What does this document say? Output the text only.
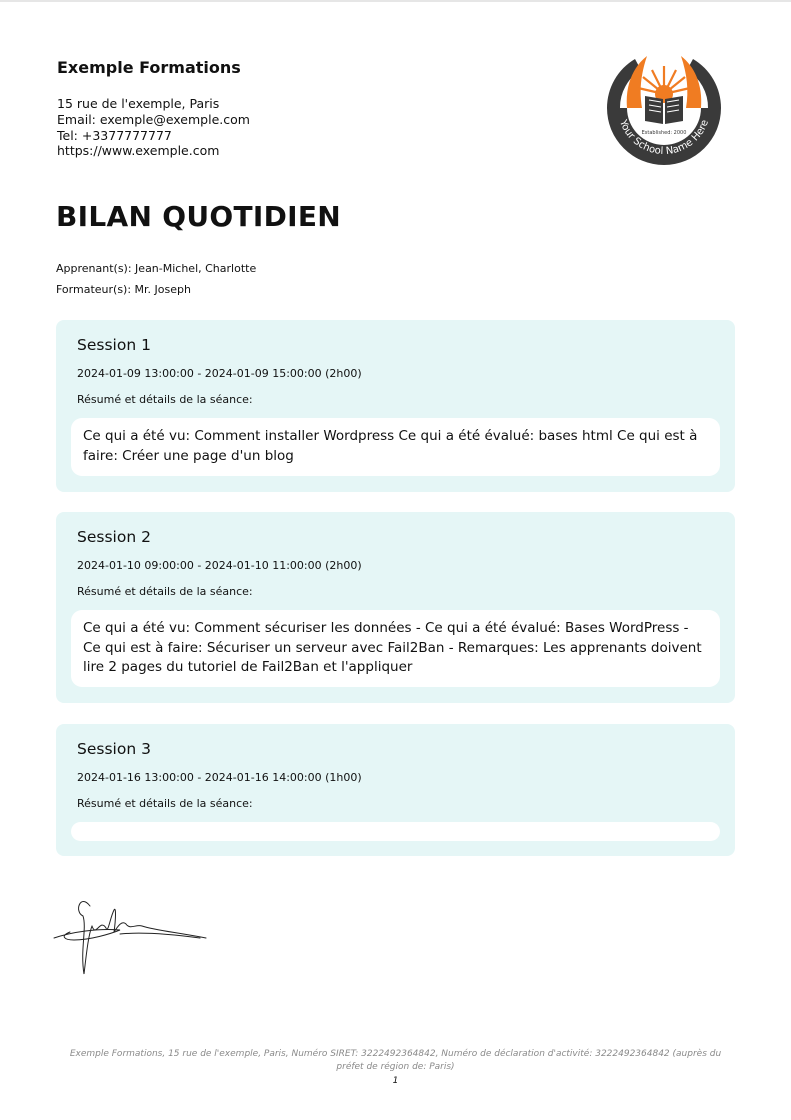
Exemple Formations
15 rue de l'exemple, Paris
Email: exemple@exemple.com
Tel: +3377777777
https://www.exemple.com
Established: 2000
Your School Name Here
BILAN QUOTIDIEN
Apprenant(s): Jean-Michel, Charlotte
Formateur(s): Mr. Joseph
Session 1
2024-01-09 13:00:00 - 2024-01-09 15:00:00 (2h00)
Résumé et détails de la séance:
Ce qui a été vu: Comment installer Wordpress Ce qui a été évalué: bases html Ce qui est à faire: Créer une page d'un blog
Session 2
2024-01-10 09:00:00 - 2024-01-10 11:00:00 (2h00)
Résumé et détails de la séance:
Ce qui a été vu: Comment sécuriser les données - Ce qui a été évalué: Bases WordPress - Ce qui est à faire: Sécuriser un serveur avec Fail2Ban - Remarques: Les apprenants doivent lire 2 pages du tutoriel de Fail2Ban et l'appliquer
Session 3
2024-01-16 13:00:00 - 2024-01-16 14:00:00 (1h00)
Résumé et détails de la séance:
Exemple Formations, 15 rue de l'exemple, Paris, Numéro SIRET: 3222492364842, Numéro de déclaration d'activité: 3222492364842 (auprès du préfet de région de: Paris)
1
